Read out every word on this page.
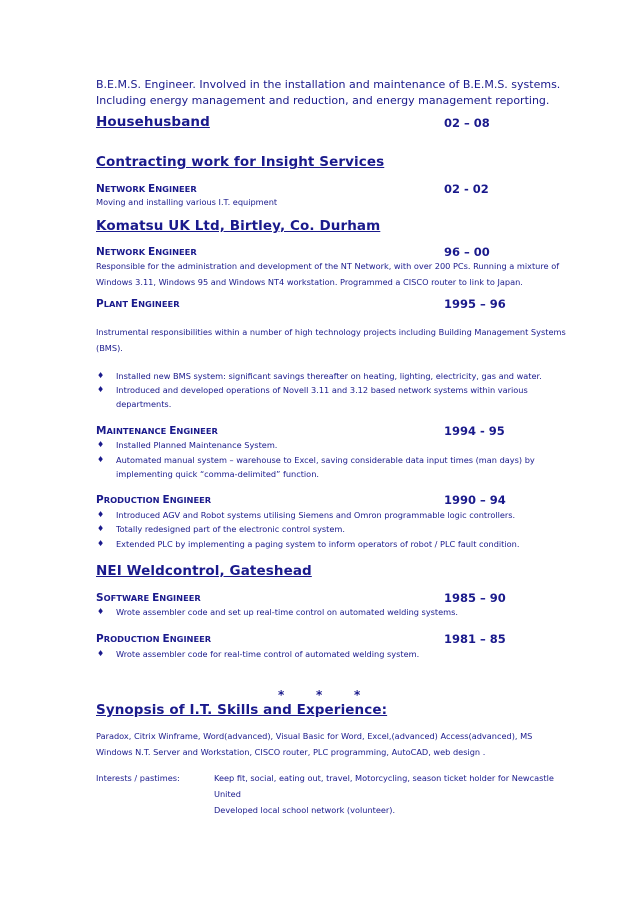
B.E.M.S. Engineer. Involved in the installation and maintenance of B.E.M.S. systems.
Including energy management and reduction, and energy management reporting.
Househusband	02 – 08
Contracting work for Insight Services
NETWORK ENGINEER	02 - 02
Moving and installing various I.T. equipment
Komatsu UK Ltd, Birtley, Co. Durham
NETWORK ENGINEER	96 – 00
Responsible for the administration and development of the NT Network, with over 200 PCs. Running a mixture of
Windows 3.11, Windows 95 and Windows NT4 workstation. Programmed a CISCO router to link to Japan.
PLANT ENGINEER	1995 – 96
Instrumental responsibilities within a number of high technology projects including Building Management Systems
(BMS).
♦ Installed new BMS system: significant savings thereafter on heating, lighting, electricity, gas and water.
♦ Introduced and developed operations of Novell 3.11 and 3.12 based network systems within various
departments.
MAINTENANCE ENGINEER	1994 - 95
♦ Installed Planned Maintenance System.
♦ Automated manual system – warehouse to Excel, saving considerable data input times (man days) by
implementing quick “comma-delimited” function.
PRODUCTION ENGINEER	1990 – 94
♦ Introduced AGV and Robot systems utilising Siemens and Omron programmable logic controllers.
♦ Totally redesigned part of the electronic control system.
♦ Extended PLC by implementing a paging system to inform operators of robot / PLC fault condition.
NEI Weldcontrol, Gateshead
SOFTWARE ENGINEER	1985 – 90
♦ Wrote assembler code and set up real-time control on automated welding systems.
PRODUCTION ENGINEER	1981 – 85
♦ Wrote assembler code for real-time control of automated welding system.
*	*	*
Synopsis of I.T. Skills and Experience:
Paradox, Citrix Winframe, Word(advanced), Visual Basic for Word, Excel,(advanced) Access(advanced), MS
Windows N.T. Server and Workstation, CISCO router, PLC programming, AutoCAD, web design .
Interests / pastimes:	Keep fit, social, eating out, travel, Motorcycling, season ticket holder for Newcastle
United
Developed local school network (volunteer).
